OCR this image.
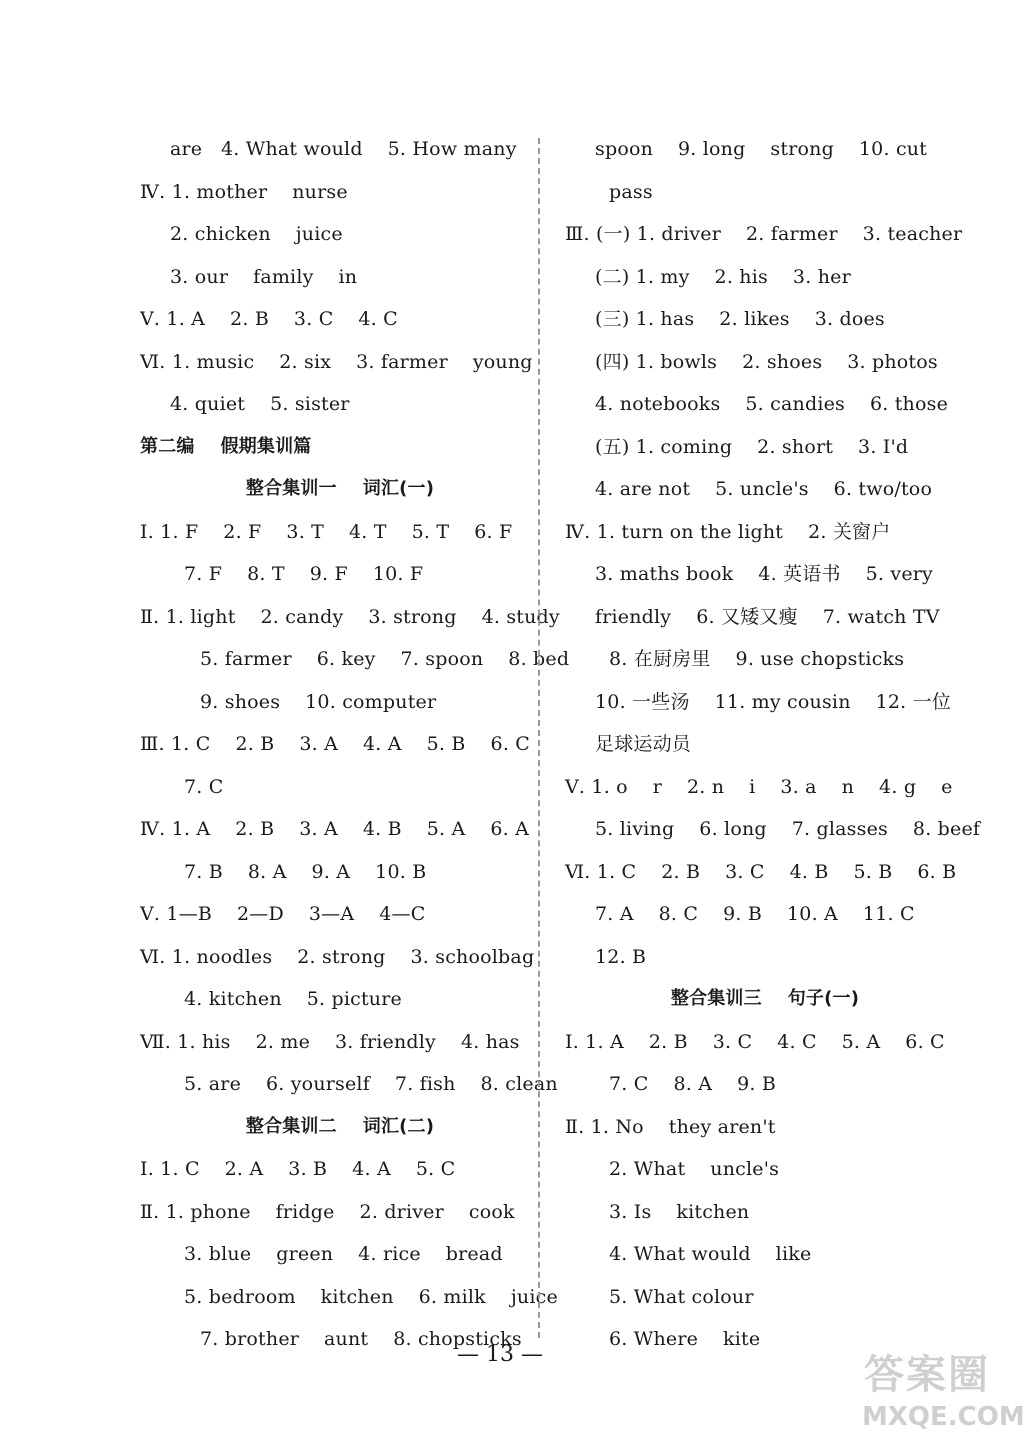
are   4. What would    5. How many
Ⅳ. 1. mother    nurse
2. chicken    juice
3. our    family    in
Ⅴ. 1. A    2. B    3. C    4. C
Ⅵ. 1. music    2. six    3. farmer    young
4. quiet    5. sister
第二编    假期集训篇
整合集训一    词汇(一)
Ⅰ. 1. F    2. F    3. T    4. T    5. T    6. F
7. F    8. T    9. F    10. F
Ⅱ. 1. light    2. candy    3. strong    4. study
5. farmer    6. key    7. spoon    8. bed
9. shoes    10. computer
Ⅲ. 1. C    2. B    3. A    4. A    5. B    6. C
7. C
Ⅳ. 1. A    2. B    3. A    4. B    5. A    6. A
7. B    8. A    9. A    10. B
Ⅴ. 1—B    2—D    3—A    4—C
Ⅵ. 1. noodles    2. strong    3. schoolbag
4. kitchen    5. picture
Ⅶ. 1. his    2. me    3. friendly    4. has
5. are    6. yourself    7. fish    8. clean
整合集训二    词汇(二)
Ⅰ. 1. C    2. A    3. B    4. A    5. C
Ⅱ. 1. phone    fridge    2. driver    cook
3. blue    green    4. rice    bread
5. bedroom    kitchen    6. milk    juice
7. brother    aunt    8. chopsticks
spoon    9. long    strong    10. cut
pass
Ⅲ. (一) 1. driver    2. farmer    3. teacher
(二) 1. my    2. his    3. her
(三) 1. has    2. likes    3. does
(四) 1. bowls    2. shoes    3. photos
4. notebooks    5. candies    6. those
(五) 1. coming    2. short    3. I'd
4. are not    5. uncle's    6. two/too
Ⅳ. 1. turn on the light    2. 关窗户
3. maths book    4. 英语书    5. very
friendly    6. 又矮又瘦    7. watch TV
8. 在厨房里    9. use chopsticks
10. 一些汤    11. my cousin    12. 一位
足球运动员
Ⅴ. 1. o    r    2. n    i    3. a    n    4. g    e
5. living    6. long    7. glasses    8. beef
Ⅵ. 1. C    2. B    3. C    4. B    5. B    6. B
7. A    8. C    9. B    10. A    11. C
12. B
整合集训三    句子(一)
Ⅰ. 1. A    2. B    3. C    4. C    5. A    6. C
7. C    8. A    9. B
Ⅱ. 1. No    they aren't
2. What    uncle's
3. Is    kitchen
4. What would    like
5. What colour
6. Where    kite
— 13 —	答案圈
MXQE.COM
